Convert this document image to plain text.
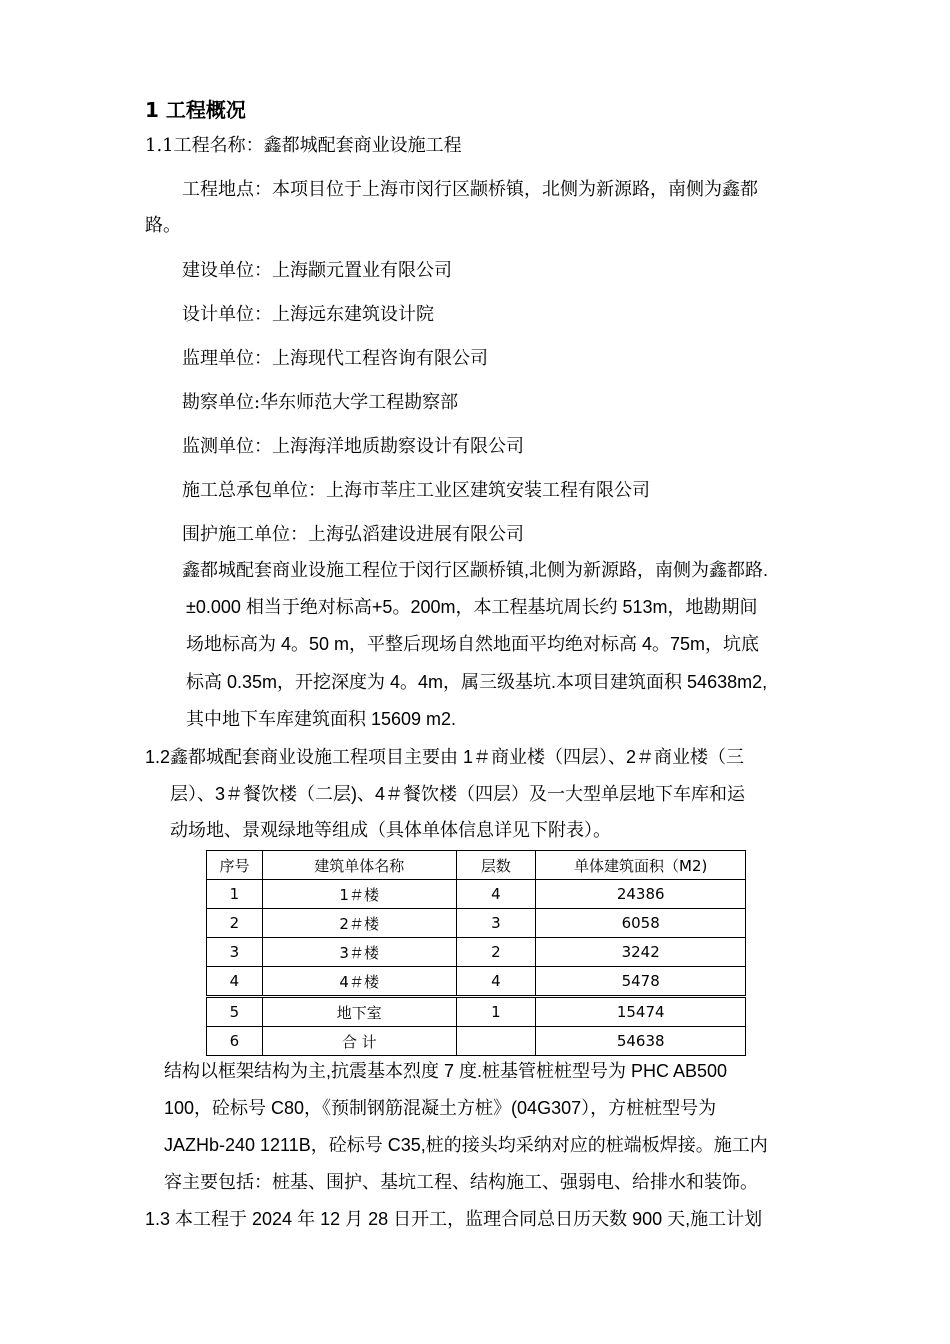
1 工程概况
1.1工程名称：鑫都城配套商业设施工程
工程地点：本项目位于上海市闵行区颛桥镇，北侧为新源路，南侧为鑫都
路。
建设单位：上海颛元置业有限公司
设计单位：上海远东建筑设计院
监理单位：上海现代工程咨询有限公司
勘察单位:华东师范大学工程勘察部
监测单位：上海海洋地质勘察设计有限公司
施工总承包单位：上海市莘庄工业区建筑安装工程有限公司
围护施工单位：上海弘滔建设进展有限公司
鑫都城配套商业设施工程位于闵行区颛桥镇,北侧为新源路，南侧为鑫都路.
±0.000 相当于绝对标高+5。200m，本工程基坑周长约 513m，地勘期间
场地标高为 4。50 m，平整后现场自然地面平均绝对标高 4。75m，坑底
标高 0.35m，开挖深度为 4。4m，属三级基坑.本项目建筑面积 54638m2,
其中地下车库建筑面积 15609 m2.
1.2鑫都城配套商业设施工程项目主要由 1＃商业楼（四层）、2＃商业楼（三
层）、3＃餐饮楼（二层)、4＃餐饮楼（四层）及一大型单层地下车库和运
动场地、景观绿地等组成（具体单体信息详见下附表）。
序号	建筑单体名称	层数	单体建筑面积（M2)
1	1＃楼	4	24386
2	2＃楼	3	6058
3	3＃楼	2	3242
4	4＃楼	4	5478
5	地下室	1	15474
6	合 计		54638
结构以框架结构为主,抗震基本烈度 7 度.桩基管桩桩型号为 PHC AB500
100，砼标号 C80，《预制钢筋混凝土方桩》(04G307），方桩桩型号为
JAZHb-240 1211B，砼标号 C35,桩的接头均采纳对应的桩端板焊接。施工内
容主要包括：桩基、围护、基坑工程、结构施工、强弱电、给排水和装饰。
1.3 本工程于 2024 年 12 月 28 日开工，监理合同总日历天数 900 天,施工计划
